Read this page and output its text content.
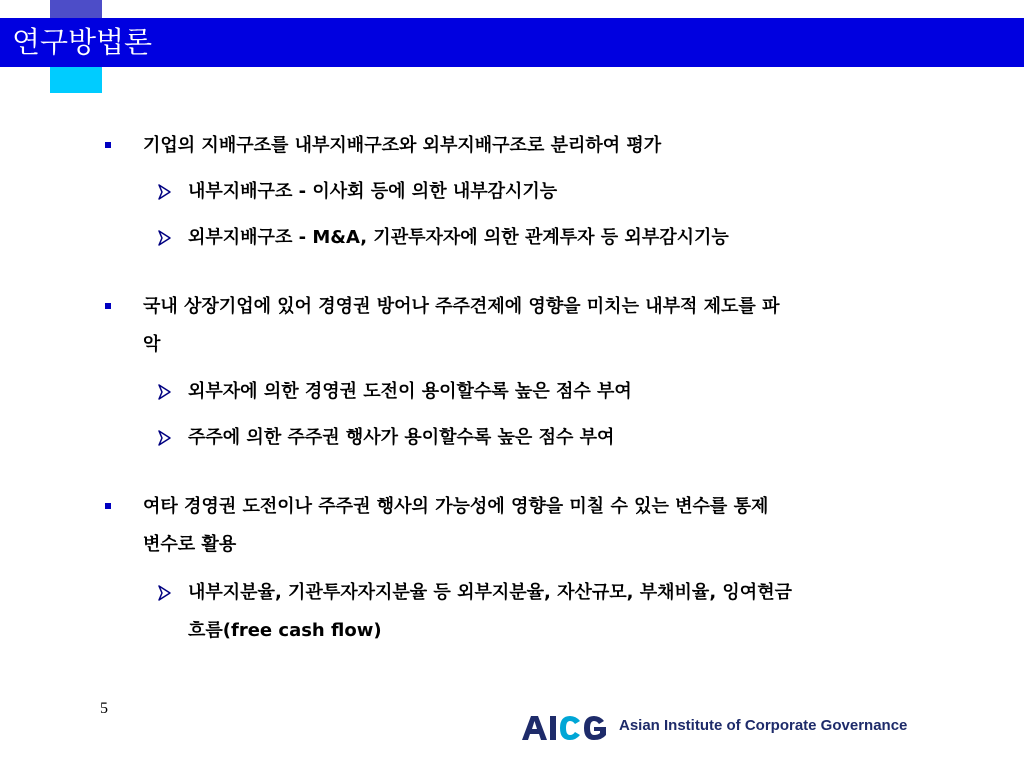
연구방법론
기업의 지배구조를 내부지배구조와 외부지배구조로 분리하여 평가
내부지배구조 - 이사회 등에 의한 내부감시기능
외부지배구조 - M&A, 기관투자자에 의한 관계투자 등 외부감시기능
국내 상장기업에 있어 경영권 방어나 주주견제에 영향을 미치는 내부적 제도를 파
악
외부자에 의한 경영권 도전이 용이할수록 높은 점수 부여
주주에 의한 주주권 행사가 용이할수록 높은 점수 부여
여타 경영권 도전이나 주주권 행사의 가능성에 영향을 미칠 수 있는 변수를 통제
변수로 활용
내부지분율, 기관투자자지분율 등 외부지분율, 자산규모, 부채비율, 잉여현금
흐름(free cash flow)
5
Asian Institute of Corporate Governance
